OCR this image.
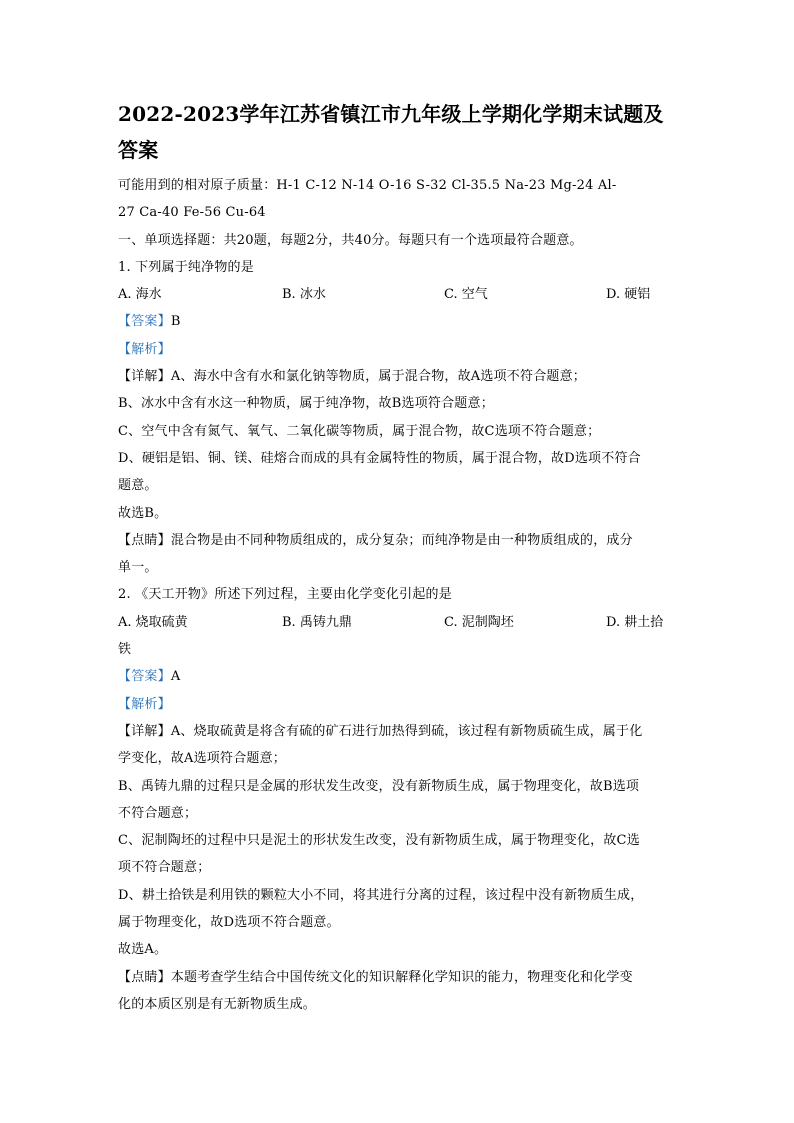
2022-2023学年江苏省镇江市九年级上学期化学期末试题及
答案
可能用到的相对原子质量：H-1 C-12 N-14 O-16 S-32 Cl-35.5 Na-23 Mg-24 Al-
27 Ca-40 Fe-56 Cu-64
一、单项选择题：共20题，每题2分，共40分。每题只有一个选项最符合题意。
1. 下列属于纯净物的是
A. 海水	B. 冰水	C. 空气	D. 硬铝
【答案】B
【解析】
【详解】A、海水中含有水和氯化钠等物质，属于混合物，故A选项不符合题意；
B、冰水中含有水这一种物质，属于纯净物，故B选项符合题意；
C、空气中含有氮气、氧气、二氧化碳等物质，属于混合物，故C选项不符合题意；
D、硬铝是铝、铜、镁、硅熔合而成的具有金属特性的物质，属于混合物，故D选项不符合
题意。
故选B。
【点睛】混合物是由不同种物质组成的，成分复杂；而纯净物是由一种物质组成的，成分
单一。
2. 《天工开物》所述下列过程，主要由化学变化引起的是
A. 烧取硫黄	B. 禹铸九鼎	C. 泥制陶坯	D. 耕土拾
铁
【答案】A
【解析】
【详解】A、烧取硫黄是将含有硫的矿石进行加热得到硫，该过程有新物质硫生成，属于化
学变化，故A选项符合题意；
B、禹铸九鼎的过程只是金属的形状发生改变，没有新物质生成，属于物理变化，故B选项
不符合题意；
C、泥制陶坯的过程中只是泥土的形状发生改变，没有新物质生成，属于物理变化，故C选
项不符合题意；
D、耕土拾铁是利用铁的颗粒大小不同，将其进行分离的过程，该过程中没有新物质生成，
属于物理变化，故D选项不符合题意。
故选A。
【点睛】本题考查学生结合中国传统文化的知识解释化学知识的能力，物理变化和化学变
化的本质区别是有无新物质生成。
